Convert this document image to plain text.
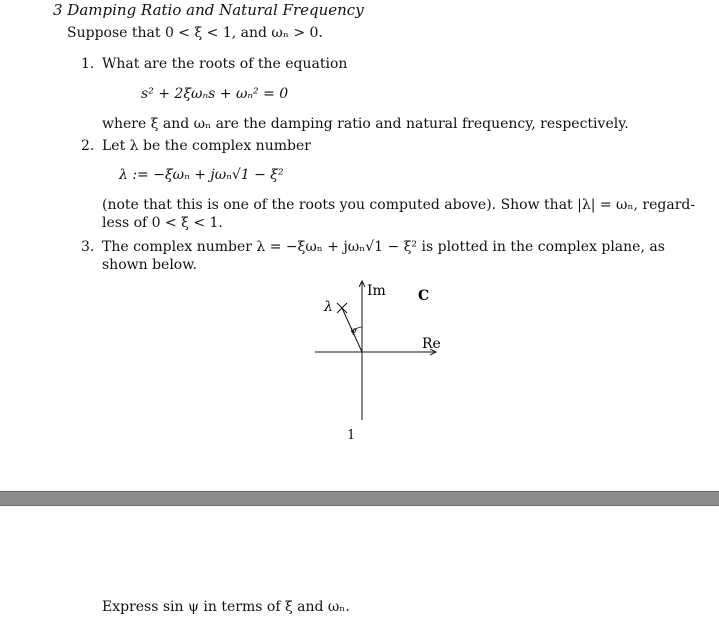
3 Damping Ratio and Natural Frequency
Suppose that 0 < ξ < 1, and ωₙ > 0.
1. What are the roots of the equation
s² + 2ξωₙs + ωₙ² = 0
where ξ and ωₙ are the damping ratio and natural frequency, respectively.
2. Let λ be the complex number
λ := −ξωₙ + jωₙ√1 − ξ²
(note that this is one of the roots you computed above). Show that |λ| = ωₙ, regard-
less of 0 < ξ < 1.
3. The complex number λ = −ξωₙ + jωₙ√1 − ξ² is plotted in the complex plane, as
shown below.
Im C
λ
ψ
Re
1
Express sin ψ in terms of ξ and ωₙ.
